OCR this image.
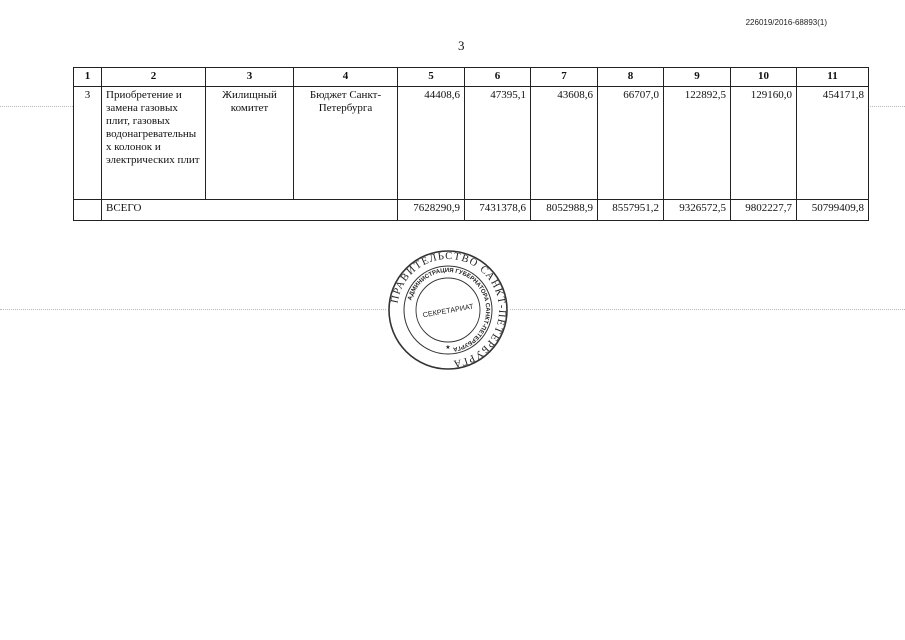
226019/2016-68893(1)
3
1	2	3	4	5	6	7	8	9	10	11
3	Приобретение и замена газовых плит, газовых водонагревательны х колонок и электрических плит	Жилищный комитет	Бюджет Санкт-Петербурга	44408,6	47395,1	43608,6	66707,0	122892,5	129160,0	454171,8
	ВСЕГО			7628290,9	7431378,6	8052988,9	8557951,2	9326572,5	9802227,7	50799409,8
ПРАВИТЕЛЬСТВО САНКТ-ПЕТЕРБУРГА
АДМИНИСТРАЦИЯ ГУБЕРНАТОРА САНКТ-ПЕТЕРБУРГА
СЕКРЕТАРИАТ
★
